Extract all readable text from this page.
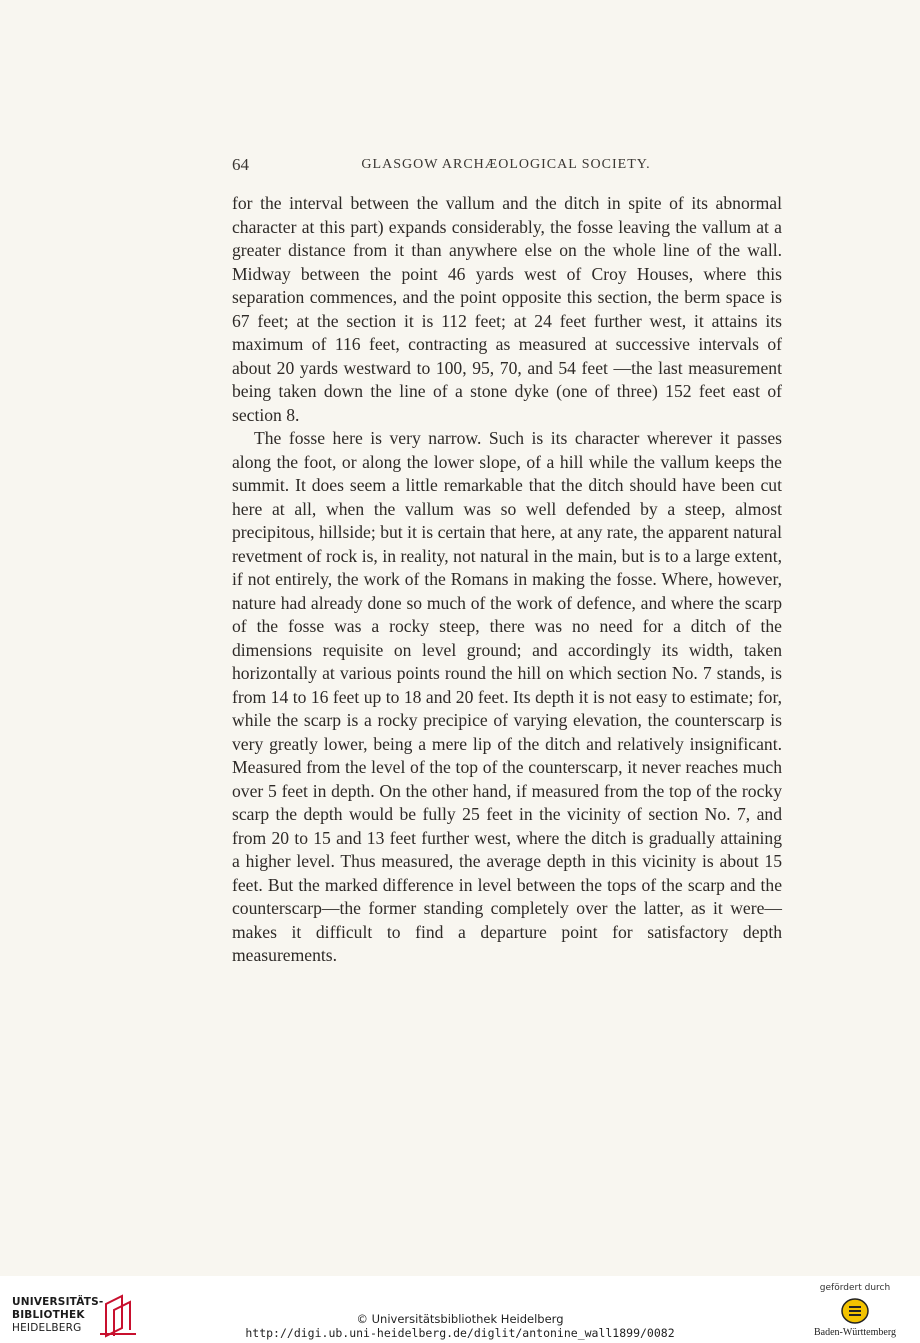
64	GLASGOW ARCHÆOLOGICAL SOCIETY.

for the interval between the vallum and the ditch in spite of its abnormal character at this part) expands considerably, the fosse leaving the vallum at a greater distance from it than anywhere else on the whole line of the wall. Midway between the point 46 yards west of Croy Houses, where this separation commences, and the point opposite this section, the berm space is 67 feet; at the section it is 112 feet; at 24 feet further west, it attains its maximum of 116 feet, contracting as measured at successive intervals of about 20 yards westward to 100, 95, 70, and 54 feet —the last measurement being taken down the line of a stone dyke (one of three) 152 feet east of section 8.

The fosse here is very narrow. Such is its character wherever it passes along the foot, or along the lower slope, of a hill while the vallum keeps the summit. It does seem a little remarkable that the ditch should have been cut here at all, when the vallum was so well defended by a steep, almost precipitous, hillside; but it is certain that here, at any rate, the apparent natural revetment of rock is, in reality, not natural in the main, but is to a large extent, if not entirely, the work of the Romans in making the fosse. Where, however, nature had already done so much of the work of defence, and where the scarp of the fosse was a rocky steep, there was no need for a ditch of the dimensions requisite on level ground; and accordingly its width, taken horizontally at various points round the hill on which section No. 7 stands, is from 14 to 16 feet up to 18 and 20 feet. Its depth it is not easy to estimate; for, while the scarp is a rocky precipice of varying elevation, the counterscarp is very greatly lower, being a mere lip of the ditch and relatively insignificant. Measured from the level of the top of the counterscarp, it never reaches much over 5 feet in depth. On the other hand, if measured from the top of the rocky scarp the depth would be fully 25 feet in the vicinity of section No. 7, and from 20 to 15 and 13 feet further west, where the ditch is gradually attaining a higher level. Thus measured, the average depth in this vicinity is about 15 feet. But the marked difference in level between the tops of the scarp and the counterscarp—the former standing completely over the latter, as it were—makes it difficult to find a departure point for satisfactory depth measurements.

UNIVERSITÄTS-
BIBLIOTHEK
HEIDELBERG
© Universitätsbibliothek Heidelberg
http://digi.ub.uni-heidelberg.de/diglit/antonine_wall1899/0082
gefördert durch
Baden-Württemberg
